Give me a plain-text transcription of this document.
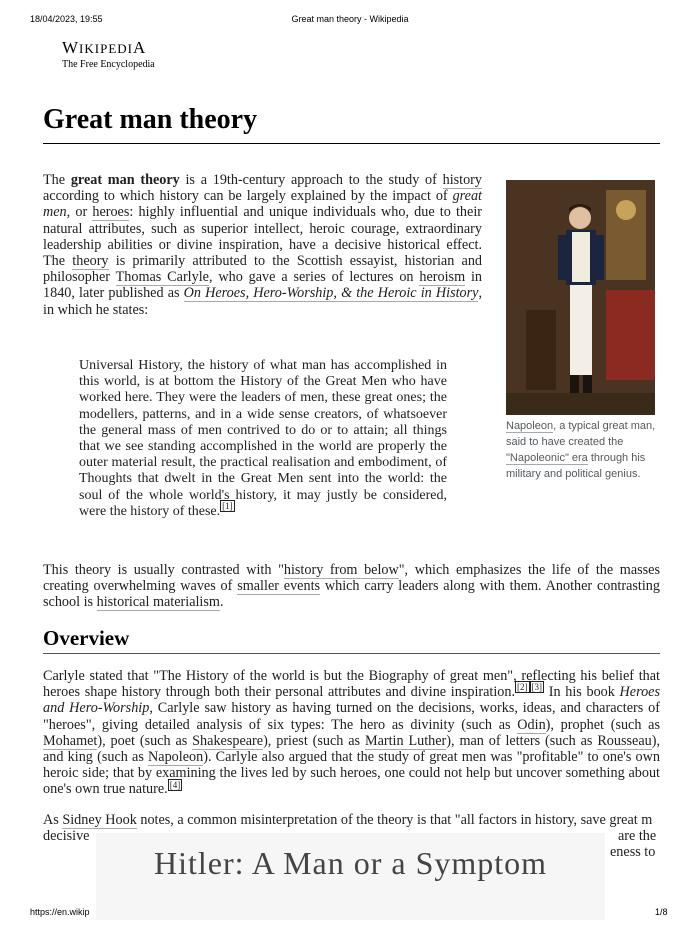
18/04/2023, 19:55	Great man theory - Wikipedia
WIKIPEDIA
The Free Encyclopedia
Great man theory
The great man theory is a 19th-century approach to the study of history according to which history can be largely explained by the impact of great men, or heroes: highly influential and unique individuals who, due to their natural attributes, such as superior intellect, heroic courage, extraordinary leadership abilities or divine inspiration, have a decisive historical effect. The theory is primarily attributed to the Scottish essayist, historian and philosopher Thomas Carlyle, who gave a series of lectures on heroism in 1840, later published as On Heroes, Hero-Worship, & the Heroic in History, in which he states:
Universal History, the history of what man has accomplished in this world, is at bottom the History of the Great Men who have worked here. They were the leaders of men, these great ones; the modellers, patterns, and in a wide sense creators, of whatsoever the general mass of men contrived to do or to attain; all things that we see standing accomplished in the world are properly the outer material result, the practical realisation and embodiment, of Thoughts that dwelt in the Great Men sent into the world: the soul of the whole world's history, it may justly be considered, were the history of these. [1]
Napoleon, a typical great man, said to have created the "Napoleonic" era through his military and political genius.
This theory is usually contrasted with "history from below", which emphasizes the life of the masses creating overwhelming waves of smaller events which carry leaders along with them. Another contrasting school is historical materialism.
Overview
Carlyle stated that "The History of the world is but the Biography of great men", reflecting his belief that heroes shape history through both their personal attributes and divine inspiration. [2] [3] In his book Heroes and Hero-Worship, Carlyle saw history as having turned on the decisions, works, ideas, and characters of "heroes", giving detailed analysis of six types: The hero as divinity (such as Odin), prophet (such as Mohamet), poet (such as Shakespeare), priest (such as Martin Luther), man of letters (such as Rousseau), and king (such as Napoleon). Carlyle also argued that the study of great men was "profitable" to one's own heroic side; that by examining the lives led by such heroes, one could not help but uncover something about one's own true nature. [4]
As Sidney Hook notes, a common misinterpretation of the theory is that "all factors in history, save great m
decisive	are the
eness to
Hitler: A Man or a Symptom
https://en.wikip	1/8
